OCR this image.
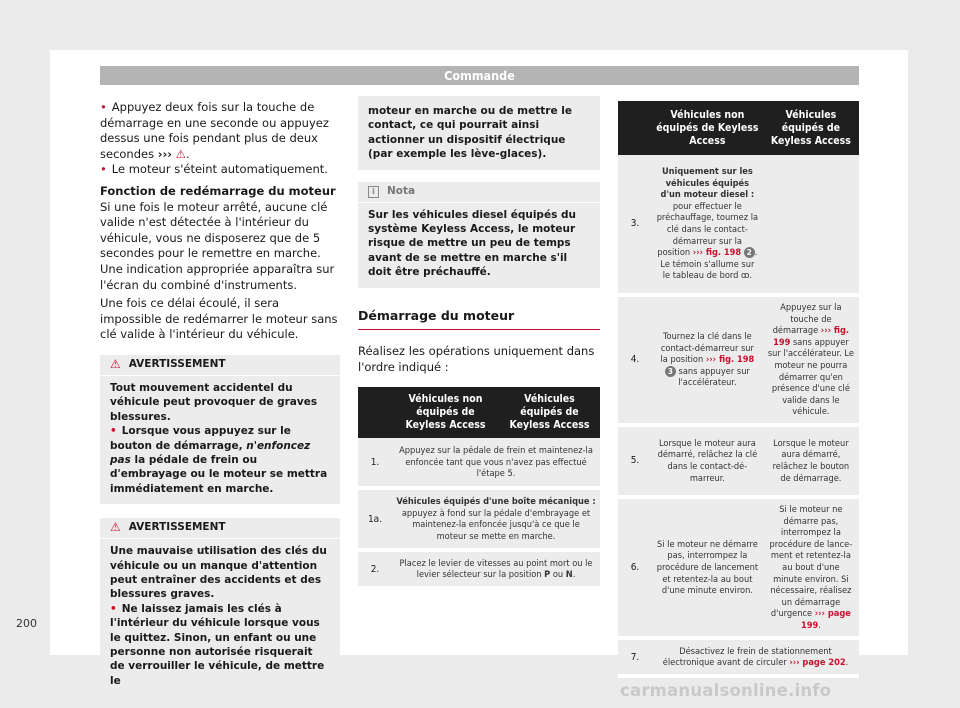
Commande

• Appuyez deux fois sur la touche de démarrage en une seconde ou appuyez dessus une fois pendant plus de deux secondes ››› ⚠.

• Le moteur s'éteint automatiquement.

Fonction de redémarrage du moteur

Si une fois le moteur arrêté, aucune clé valide n'est détectée à l'intérieur du véhicule, vous ne disposerez que de 5 secondes pour le remettre en marche. Une indication appropriée apparaîtra sur l'écran du combiné d'instruments.

Une fois ce délai écoulé, il sera impossible de redémarrer le moteur sans clé valide à l'intérieur du véhicule.

⚠ AVERTISSEMENT
Tout mouvement accidentel du véhicule peut provoquer de graves blessures.
• Lorsque vous appuyez sur le bouton de démarrage, n'enfoncez pas la pédale de frein ou d'embrayage ou le moteur se mettra immédiatement en marche.
⚠ AVERTISSEMENT
Une mauvaise utilisation des clés du véhicule ou un manque d'attention peut entraîner des accidents et des blessures graves.
• Ne laissez jamais les clés à l'intérieur du véhicule lorsque vous le quittez. Sinon, un enfant ou une personne non autorisée risquerait de verrouiller le véhicule, de mettre le
moteur en marche ou de mettre le contact, ce qui pourrait ainsi actionner un dispositif électrique (par exemple les lève-glaces).
i	Nota
Sur les véhicules diesel équipés du système Keyless Access, le moteur risque de mettre un peu de temps avant de se mettre en marche s'il doit être préchauffé.
Démarrage du moteur

Réalisez les opérations uniquement dans l'ordre indiqué :

	Véhicules non équipés de Keyless Access	Véhicules équipés de Keyless Access
1.	Appuyez sur la pédale de frein et maintenez-la enfoncée tant que vous n'avez pas effectué l'étape 5.	
1a.	Véhicules équipés d'une boîte mécanique : appuyez à fond sur la pédale d'embrayage et maintenez-la enfoncée jusqu'à ce que le moteur se mette en marche.	
2.	Placez le levier de vitesses au point mort ou le levier sélecteur sur la position P ou N.	
	Véhicules non équipés de Keyless Access	Véhicules équipés de Keyless Access
3.	Uniquement sur les véhicules équipés d'un moteur diesel : pour effectuer le préchauffage, tournez la clé dans le contact-démarreur sur la position ››› fig. 198 2 . Le témoin s'allume sur le tableau de bord ꝏ.	
4.	Tournez la clé dans le contact-démarreur sur la position ››› fig. 198 3 sans appuyer sur l'accélérateur.	Appuyez sur la touche de démarrage ››› fig. 199 sans appuyer sur l'accélérateur. Le moteur ne pourra démarrer qu'en présence d'une clé valide dans le véhicule.
5.	Lorsque le moteur aura démarré, relâchez la clé dans le contact-démarreur.	Lorsque le moteur aura démarré, relâchez le bouton de démarrage.
6.	Si le moteur ne démarre pas, interrompez la procédure de lancement et retentez-la au bout d'une minute environ.	Si le moteur ne démarre pas, interrompez la procédure de lancement et retentez-la au bout d'une minute environ. Si nécessaire, réalisez un démarrage d'urgence ››› page 199.
7.	Désactivez le frein de stationnement électronique avant de circuler ››› page 202.	
200
carmanualsonline.info
